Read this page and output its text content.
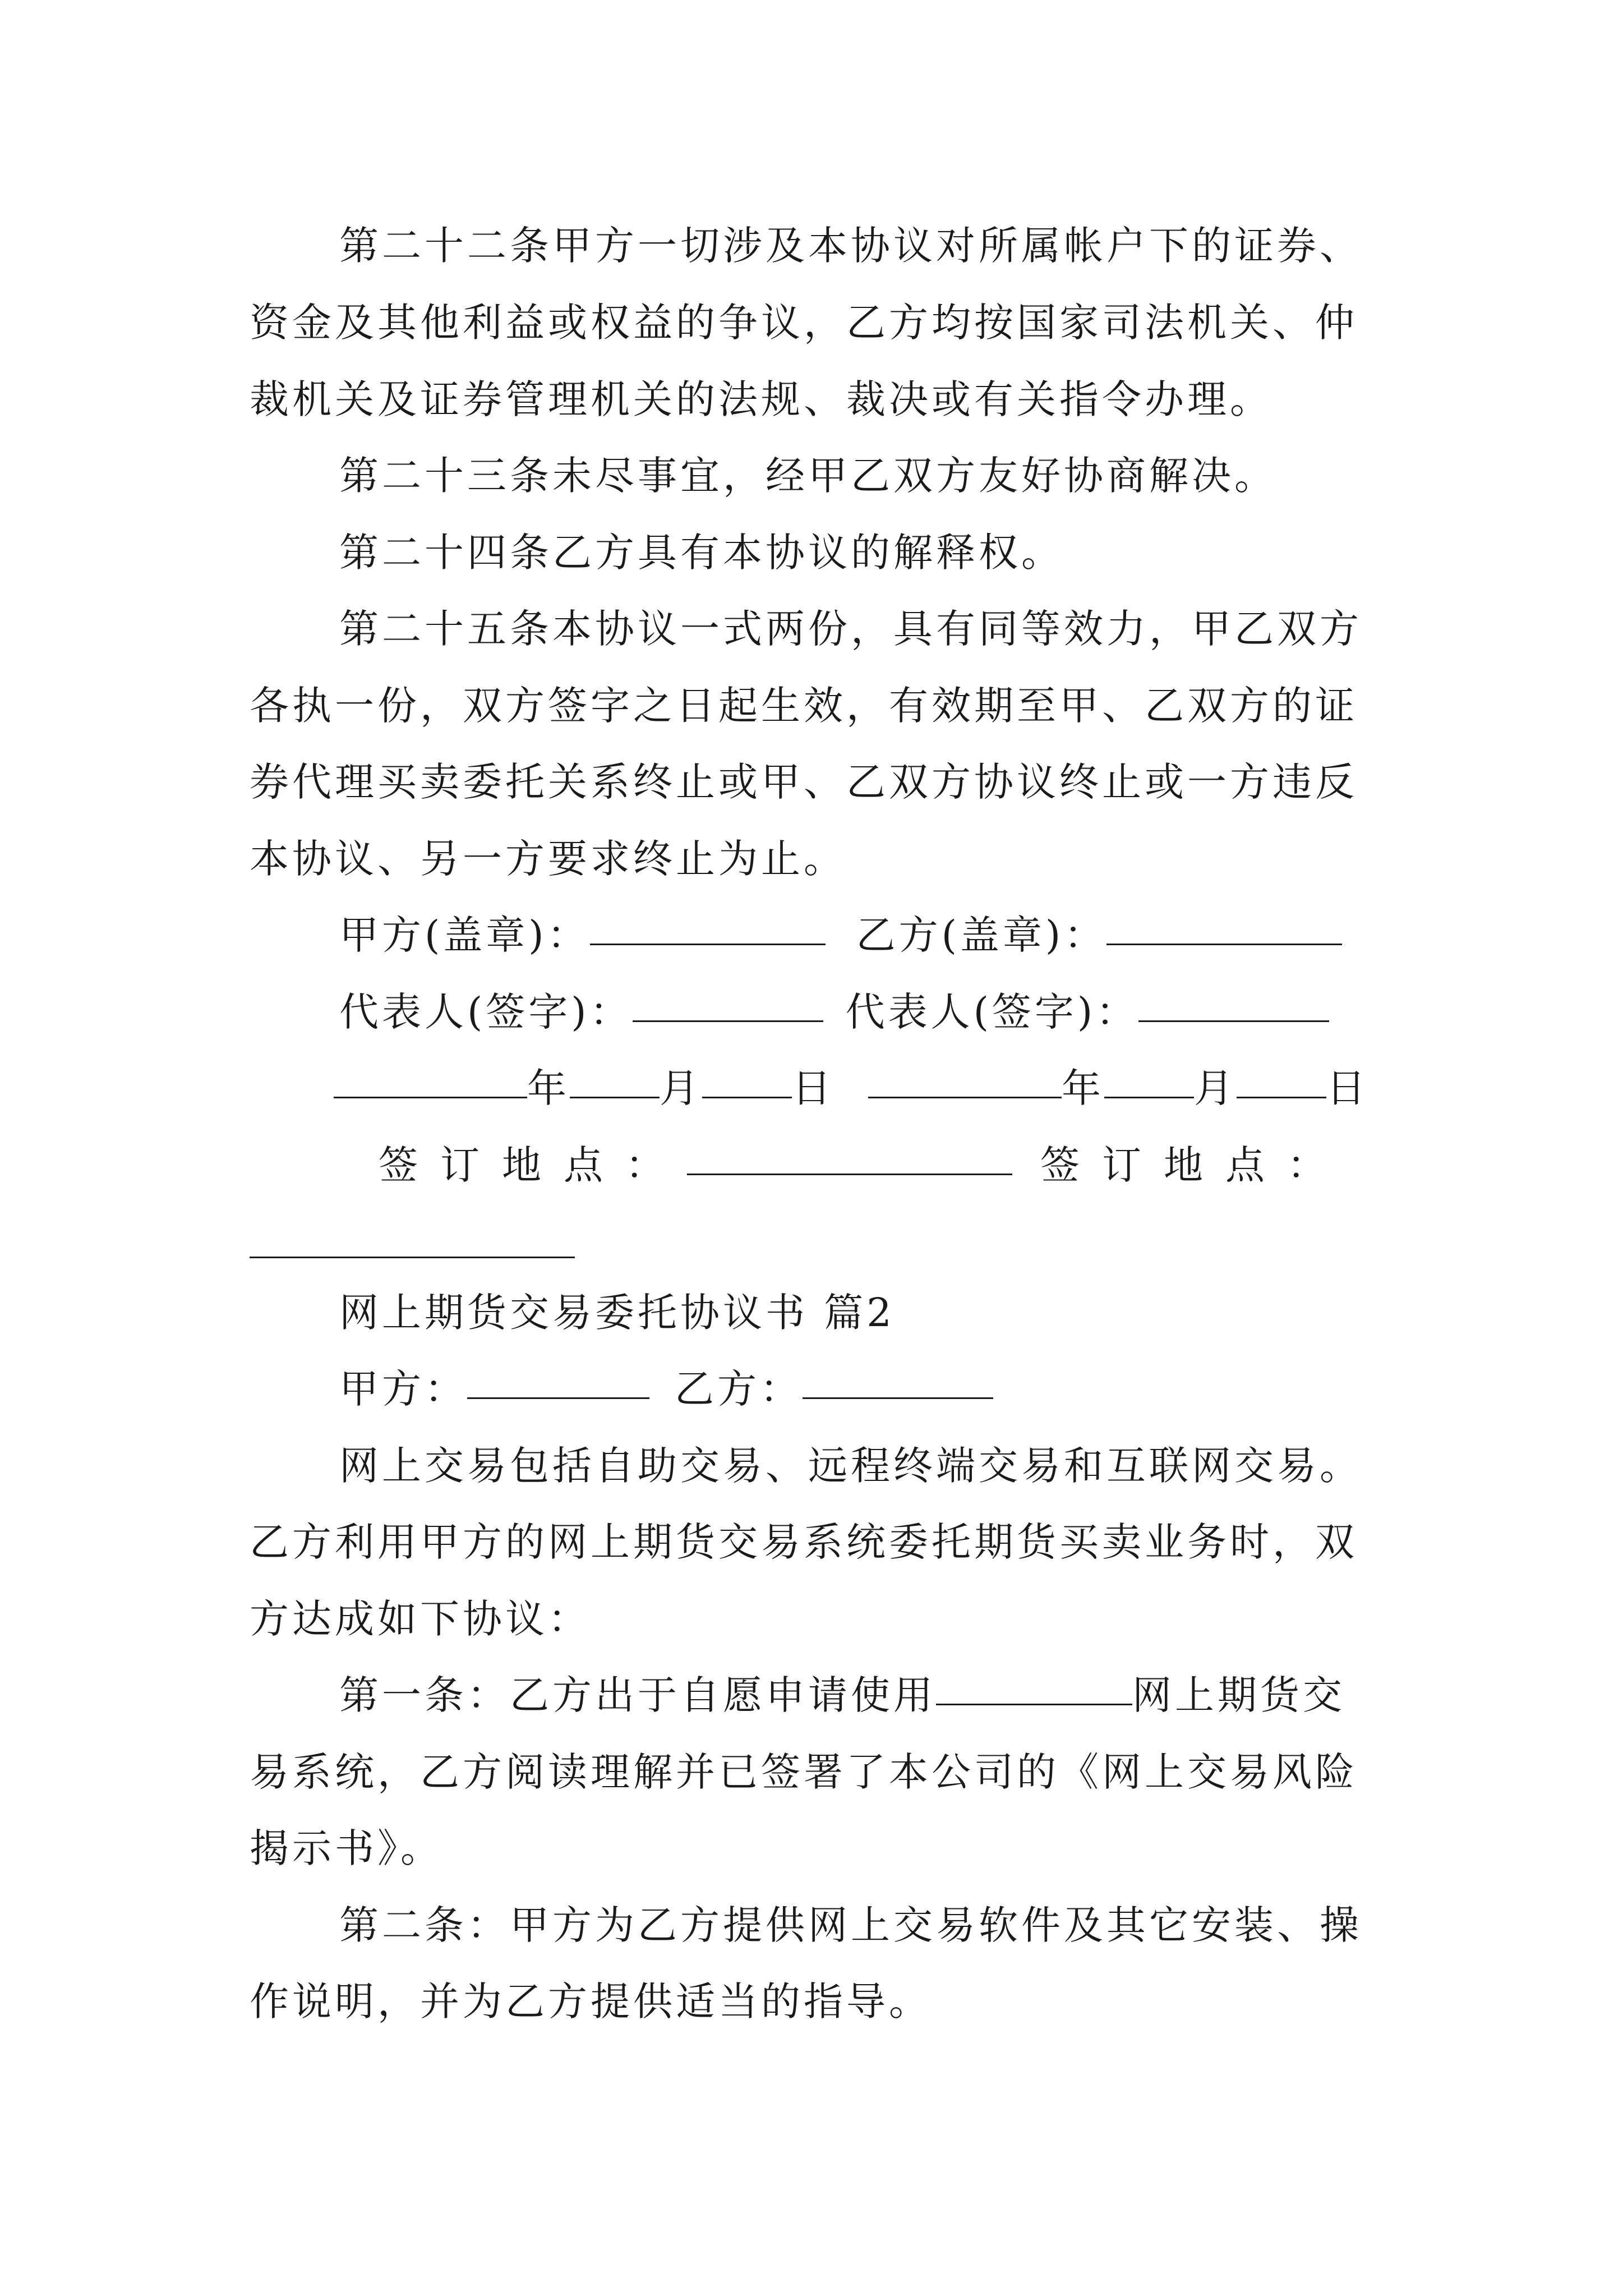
第二十二条甲方一切涉及本协议对所属帐户下的证券、
资金及其他利益或权益的争议，乙方均按国家司法机关、仲
裁机关及证券管理机关的法规、裁决或有关指令办理。
第二十三条未尽事宜，经甲乙双方友好协商解决。
第二十四条乙方具有本协议的解释权。
第二十五条本协议一式两份，具有同等效力，甲乙双方
各执一份，双方签字之日起生效，有效期至甲、乙双方的证
券代理买卖委托关系终止或甲、乙双方协议终止或一方违反
本协议、另一方要求终止为止。
甲方(盖章)：	乙方(盖章)：
代表人(签字)：	代表人(签字)：
年 月 日	年 月 日
签订地点：	签订地点：
网上期货交易委托协议书 篇2
甲方：	乙方：
网上交易包括自助交易、远程终端交易和互联网交易。
乙方利用甲方的网上期货交易系统委托期货买卖业务时，双
方达成如下协议：
第一条：乙方出于自愿申请使用	网上期货交
易系统，乙方阅读理解并已签署了本公司的《网上交易风险
揭示书》。
第二条：甲方为乙方提供网上交易软件及其它安装、操
作说明，并为乙方提供适当的指导。
